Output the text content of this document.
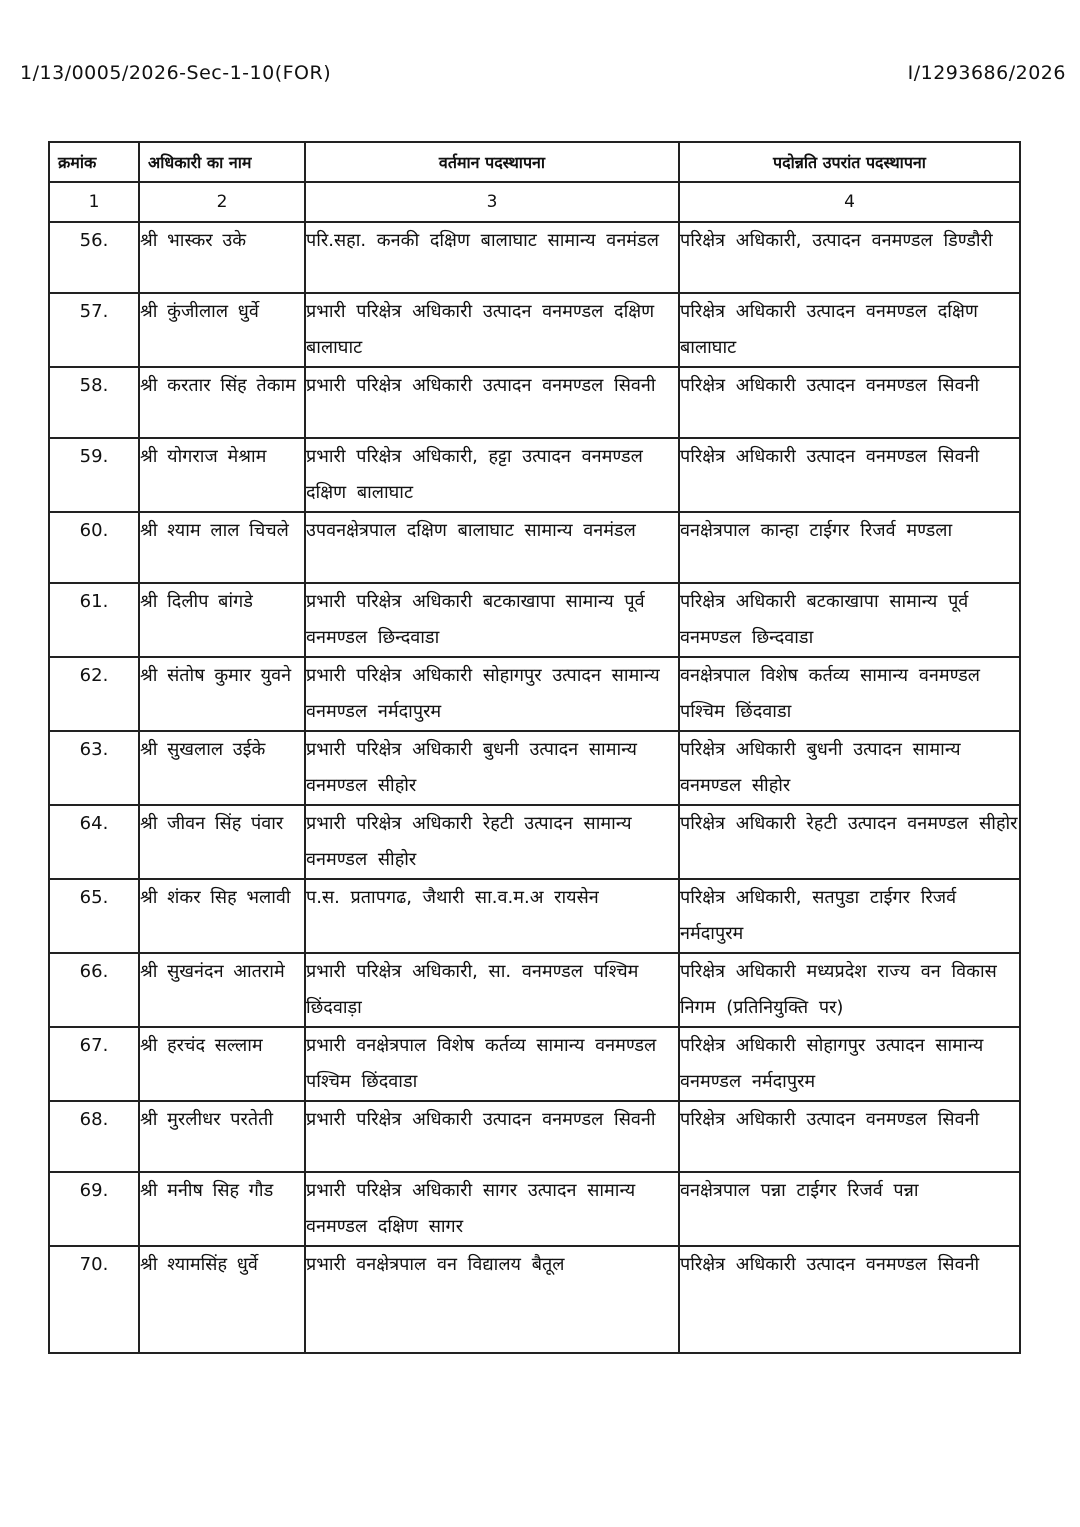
1/13/0005/2026-Sec-1-10(FOR)	I/1293686/2026
क्रमांक	अधिकारी का नाम	वर्तमान पदस्थापना	पदोन्नति उपरांत पदस्थापना
1	2	3	4
56.	श्री भास्कर उके	परि.सहा. कनकी दक्षिण बालाघाट सामान्य वनमंडल	परिक्षेत्र अधिकारी, उत्पादन वनमण्डल डिण्डौरी
57.	श्री कुंजीलाल धुर्वे	प्रभारी परिक्षेत्र अधिकारी उत्पादन वनमण्डल दक्षिण बालाघाट	परिक्षेत्र अधिकारी उत्पादन वनमण्डल दक्षिण बालाघाट
58.	श्री करतार सिंह तेकाम	प्रभारी परिक्षेत्र अधिकारी उत्पादन वनमण्डल सिवनी	परिक्षेत्र अधिकारी उत्पादन वनमण्डल सिवनी
59.	श्री योगराज मेश्राम	प्रभारी परिक्षेत्र अधिकारी, हट्टा उत्पादन वनमण्डल दक्षिण बालाघाट	परिक्षेत्र अधिकारी उत्पादन वनमण्डल सिवनी
60.	श्री श्याम लाल चिचले	उपवनक्षेत्रपाल दक्षिण बालाघाट सामान्य वनमंडल	वनक्षेत्रपाल कान्हा टाईगर रिजर्व मण्डला
61.	श्री दिलीप बांगडे	प्रभारी परिक्षेत्र अधिकारी बटकाखापा सामान्य पूर्व वनमण्डल छिन्दवाडा	परिक्षेत्र अधिकारी बटकाखापा सामान्य पूर्व वनमण्डल छिन्दवाडा
62.	श्री संतोष कुमार युवने	प्रभारी परिक्षेत्र अधिकारी सोहागपुर उत्पादन सामान्य वनमण्डल नर्मदापुरम	वनक्षेत्रपाल विशेष कर्तव्य सामान्य वनमण्डल पश्चिम छिंदवाडा
63.	श्री सुखलाल उईके	प्रभारी परिक्षेत्र अधिकारी बुधनी उत्पादन सामान्य वनमण्डल सीहोर	परिक्षेत्र अधिकारी बुधनी उत्पादन सामान्य वनमण्डल सीहोर
64.	श्री जीवन सिंह पंवार	प्रभारी परिक्षेत्र अधिकारी रेहटी उत्पादन सामान्य वनमण्डल सीहोर	परिक्षेत्र अधिकारी रेहटी उत्पादन वनमण्डल सीहोर
65.	श्री शंकर सिह भलावी	प.स. प्रतापगढ, जैथारी सा.व.म.अ रायसेन	परिक्षेत्र अधिकारी, सतपुडा टाईगर रिजर्व नर्मदापुरम
66.	श्री सुखनंदन आतरामे	प्रभारी परिक्षेत्र अधिकारी, सा. वनमण्डल पश्चिम छिंदवाड़ा	परिक्षेत्र अधिकारी मध्यप्रदेश राज्य वन विकास निगम (प्रतिनियुक्ति पर)
67.	श्री हरचंद सल्लाम	प्रभारी वनक्षेत्रपाल विशेष कर्तव्य सामान्य वनमण्डल पश्चिम छिंदवाडा	परिक्षेत्र अधिकारी सोहागपुर उत्पादन सामान्य वनमण्डल नर्मदापुरम
68.	श्री मुरलीधर परतेती	प्रभारी परिक्षेत्र अधिकारी उत्पादन वनमण्डल सिवनी	परिक्षेत्र अधिकारी उत्पादन वनमण्डल सिवनी
69.	श्री मनीष सिह गौड	प्रभारी परिक्षेत्र अधिकारी सागर उत्पादन सामान्य वनमण्डल दक्षिण सागर	वनक्षेत्रपाल पन्ना टाईगर रिजर्व पन्ना
70.	श्री श्यामसिंह धुर्वे	प्रभारी वनक्षेत्रपाल वन विद्यालय बैतूल	परिक्षेत्र अधिकारी उत्पादन वनमण्डल सिवनी
